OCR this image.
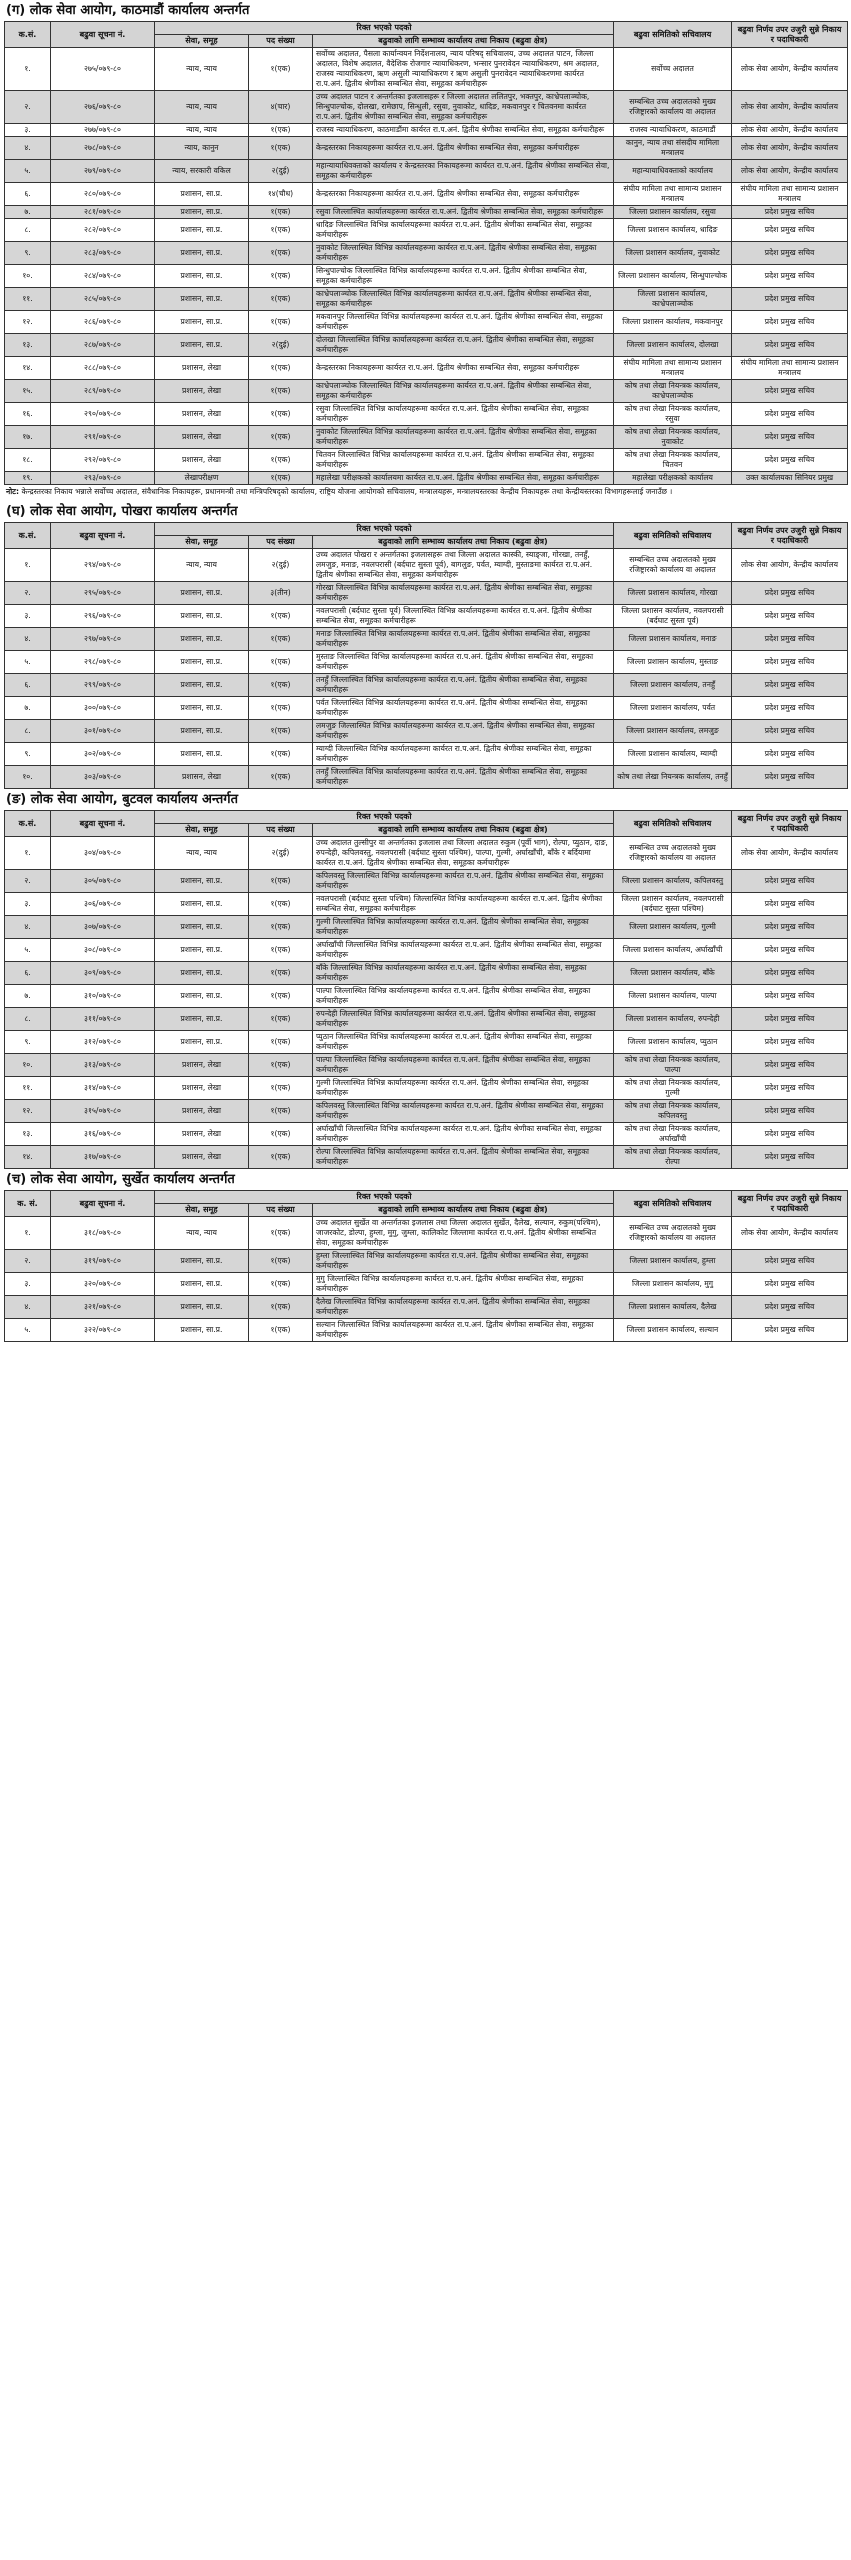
(ग) लोक सेवा आयोग, काठमाडौं कार्यालय अन्तर्गत
क.सं.	बढुवा सूचना नं.	रिक्त भएको पदको			बढुवा समितिको सचिवालय	बढुवा निर्णय उपर उजुरी सुन्ने निकाय र पदाधिकारी
		सेवा, समूह	पद संख्या	बढुवाको लागि सम्भाव्य कार्यालय तथा निकाय (बढुवा क्षेत्र)		
१.	२७५/०७९-८०	न्याय, न्याय	१(एक)	सर्वोच्च अदालत, पैसला कार्यान्वयन निर्देशनालय, न्याय परिषद् सचिवालय, उच्च अदालत पाटन, जिल्ला अदालत, विशेष अदालत, वैदेशिक रोजगार न्यायाधिकरण, भन्सार पुनरावेदन न्यायाधिकरण, श्रम अदालत, राजस्व न्यायाधिकरण, ऋण असुली न्यायाधिकरण र ऋण असुली पुनरावेदन न्यायाधिकरणमा कार्यरत रा.प.अनं. द्वितीय श्रेणीका सम्बन्धित सेवा, समूहका कर्मचारीहरू	सर्वोच्च अदालत	लोक सेवा आयोग, केन्द्रीय कार्यालय
२.	२७६/०७९-८०	न्याय, न्याय	४(चार)	उच्च अदालत पाटन र अन्तर्गतका इजलासहरू र जिल्ला अदालत ललितपुर, भक्तपुर, काभ्रेपलाञ्चोक, सिन्धुपाल्चोक, दोलखा, रामेछाप, सिन्धुली, रसुवा, नुवाकोट, धादिङ, मकवानपुर र चितवनमा कार्यरत रा.प.अनं. द्वितीय श्रेणीका सम्बन्धित सेवा, समूहका कर्मचारीहरू	सम्बन्धित उच्च अदालतको मुख्य रजिष्ट्रारको कार्यालय वा अदालत	लोक सेवा आयोग, केन्द्रीय कार्यालय
३.	२७७/०७९-८०	न्याय, न्याय	१(एक)	राजस्व न्यायाधिकरण, काठमाडौंमा कार्यरत रा.प.अनं. द्वितीय श्रेणीका सम्बन्धित सेवा, समूहका कर्मचारीहरू	राजस्व न्यायाधिकरण, काठमाडौं	लोक सेवा आयोग, केन्द्रीय कार्यालय
४.	२७८/०७९-८०	न्याय, कानुन	१(एक)	केन्द्रस्तरका निकायहरूमा कार्यरत रा.प.अनं. द्वितीय श्रेणीका सम्बन्धित सेवा, समूहका कर्मचारीहरू	कानुन, न्याय तथा संसदीय मामिला मन्त्रालय	लोक सेवा आयोग, केन्द्रीय कार्यालय
५.	२७९/०७९-८०	न्याय, सरकारी वकिल	२(दुई)	महान्यायाधिवक्ताको कार्यालय र केन्द्रस्तरका निकायहरूमा कार्यरत रा.प.अनं. द्वितीय श्रेणीका सम्बन्धित सेवा, समूहका कर्मचारीहरू	महान्यायाधिवक्ताको कार्यालय	लोक सेवा आयोग, केन्द्रीय कार्यालय
६.	२८०/०७९-८०	प्रशासन, सा.प्र.	१४(चौध)	केन्द्रस्तरका निकायहरूमा कार्यरत रा.प.अनं. द्वितीय श्रेणीका सम्बन्धित सेवा, समूहका कर्मचारीहरू	संघीय मामिला तथा सामान्य प्रशासन मन्त्रालय	संघीय मामिला तथा सामान्य प्रशासन मन्त्रालय
७.	२८१/०७९-८०	प्रशासन, सा.प्र.	१(एक)	रसुवा जिल्लास्थित कार्यालयहरूमा कार्यरत रा.प.अनं. द्वितीय श्रेणीका सम्बन्धित सेवा, समूहका कर्मचारीहरू	जिल्ला प्रशासन कार्यालय, रसुवा	प्रदेश प्रमुख सचिव
८.	२८२/०७९-८०	प्रशासन, सा.प्र.	१(एक)	धादिङ जिल्लास्थित विभिन्न कार्यालयहरूमा कार्यरत रा.प.अनं. द्वितीय श्रेणीका सम्बन्धित सेवा, समूहका कर्मचारीहरू	जिल्ला प्रशासन कार्यालय, धादिङ	प्रदेश प्रमुख सचिव
९.	२८३/०७९-८०	प्रशासन, सा.प्र.	१(एक)	नुवाकोट जिल्लास्थित विभिन्न कार्यालयहरूमा कार्यरत रा.प.अनं. द्वितीय श्रेणीका सम्बन्धित सेवा, समूहका कर्मचारीहरू	जिल्ला प्रशासन कार्यालय, नुवाकोट	प्रदेश प्रमुख सचिव
१०.	२८४/०७९-८०	प्रशासन, सा.प्र.	१(एक)	सिन्धुपाल्चोक जिल्लास्थित विभिन्न कार्यालयहरूमा कार्यरत रा.प.अनं. द्वितीय श्रेणीका सम्बन्धित सेवा, समूहका कर्मचारीहरू	जिल्ला प्रशासन कार्यालय, सिन्धुपाल्चोक	प्रदेश प्रमुख सचिव
११.	२८५/०७९-८०	प्रशासन, सा.प्र.	१(एक)	काभ्रेपलाञ्चोक जिल्लास्थित विभिन्न कार्यालयहरूमा कार्यरत रा.प.अनं. द्वितीय श्रेणीका सम्बन्धित सेवा, समूहका कर्मचारीहरू	जिल्ला प्रशासन कार्यालय, काभ्रेपलाञ्चोक	प्रदेश प्रमुख सचिव
१२.	२८६/०७९-८०	प्रशासन, सा.प्र.	१(एक)	मकवानपुर जिल्लास्थित विभिन्न कार्यालयहरूमा कार्यरत रा.प.अनं. द्वितीय श्रेणीका सम्बन्धित सेवा, समूहका कर्मचारीहरू	जिल्ला प्रशासन कार्यालय, मकवानपुर	प्रदेश प्रमुख सचिव
१३.	२८७/०७९-८०	प्रशासन, सा.प्र.	२(दुई)	दोलखा जिल्लास्थित विभिन्न कार्यालयहरूमा कार्यरत रा.प.अनं. द्वितीय श्रेणीका सम्बन्धित सेवा, समूहका कर्मचारीहरू	जिल्ला प्रशासन कार्यालय, दोलखा	प्रदेश प्रमुख सचिव
१४.	२८८/०७९-८०	प्रशासन, लेखा	१(एक)	केन्द्रस्तरका निकायहरूमा कार्यरत रा.प.अनं. द्वितीय श्रेणीका सम्बन्धित सेवा, समूहका कर्मचारीहरू	संघीय मामिला तथा सामान्य प्रशासन मन्त्रालय	संघीय मामिला तथा सामान्य प्रशासन मन्त्रालय
१५.	२८९/०७९-८०	प्रशासन, लेखा	१(एक)	काभ्रेपलाञ्चोक जिल्लास्थित विभिन्न कार्यालयहरूमा कार्यरत रा.प.अनं. द्वितीय श्रेणीका सम्बन्धित सेवा, समूहका कर्मचारीहरू	कोष तथा लेखा नियन्त्रक कार्यालय, काभ्रेपलाञ्चोक	प्रदेश प्रमुख सचिव
१६.	२९०/०७९-८०	प्रशासन, लेखा	१(एक)	रसुवा जिल्लास्थित विभिन्न कार्यालयहरूमा कार्यरत रा.प.अनं. द्वितीय श्रेणीका सम्बन्धित सेवा, समूहका कर्मचारीहरू	कोष तथा लेखा नियन्त्रक कार्यालय, रसुवा	प्रदेश प्रमुख सचिव
१७.	२९१/०७९-८०	प्रशासन, लेखा	१(एक)	नुवाकोट जिल्लास्थित विभिन्न कार्यालयहरूमा कार्यरत रा.प.अनं. द्वितीय श्रेणीका सम्बन्धित सेवा, समूहका कर्मचारीहरू	कोष तथा लेखा नियन्त्रक कार्यालय, नुवाकोट	प्रदेश प्रमुख सचिव
१८.	२९२/०७९-८०	प्रशासन, लेखा	१(एक)	चितवन जिल्लास्थित विभिन्न कार्यालयहरूमा कार्यरत रा.प.अनं. द्वितीय श्रेणीका सम्बन्धित सेवा, समूहका कर्मचारीहरू	कोष तथा लेखा नियन्त्रक कार्यालय, चितवन	प्रदेश प्रमुख सचिव
१९.	२९३/०७९-८०	लेखापरीक्षण	१(एक)	महालेखा परीक्षकको कार्यालयमा कार्यरत रा.प.अनं. द्वितीय श्रेणीका सम्बन्धित सेवा, समूहका कर्मचारीहरू	महालेखा परीक्षकको कार्यालय	उक्त कार्यालयका सिनियर प्रमुख
नोट: केन्द्रस्तरका निकाय भन्नाले सर्वोच्च अदालत, संवैधानिक निकायहरू, प्रधानमन्त्री तथा मन्त्रिपरिषद्को कार्यालय, राष्ट्रिय योजना आयोगको सचिवालय, मन्त्रालयहरू, मन्त्रालयस्तरका केन्द्रीय निकायहरू तथा केन्द्रीयस्तरका विभागहरूलाई जनाउँछ ।
(घ) लोक सेवा आयोग, पोखरा कार्यालय अन्तर्गत
क.सं.	बढुवा सूचना नं.	रिक्त भएको पदको			बढुवा समितिको सचिवालय	बढुवा निर्णय उपर उजुरी सुन्ने निकाय र पदाधिकारी
		सेवा, समूह	पद संख्या	बढुवाको लागि सम्भाव्य कार्यालय तथा निकाय (बढुवा क्षेत्र)		
१.	२९४/०७९-८०	न्याय, न्याय	२(दुई)	उच्च अदालत पोखरा र अन्तर्गतका इजलासहरू तथा जिल्ला अदालत कास्की, स्याङ्जा, गोरखा, तनहुँ, लमजुङ, मनाङ, नवलपरासी (बर्दघाट सुस्ता पूर्व), बागलुङ, पर्वत, म्याग्दी, मुस्ताङमा कार्यरत रा.प.अनं. द्वितीय श्रेणीका सम्बन्धित सेवा, समूहका कर्मचारीहरू	सम्बन्धित उच्च अदालतको मुख्य रजिष्ट्रारको कार्यालय वा अदालत	लोक सेवा आयोग, केन्द्रीय कार्यालय
२.	२९५/०७९-८०	प्रशासन, सा.प्र.	३(तीन)	गोरखा जिल्लास्थित विभिन्न कार्यालयहरूमा कार्यरत रा.प.अनं. द्वितीय श्रेणीका सम्बन्धित सेवा, समूहका कर्मचारीहरू	जिल्ला प्रशासन कार्यालय, गोरखा	प्रदेश प्रमुख सचिव
३.	२९६/०७९-८०	प्रशासन, सा.प्र.	१(एक)	नवलपरासी (बर्दघाट सुस्ता पूर्व) जिल्लास्थित विभिन्न कार्यालयहरूमा कार्यरत रा.प.अनं. द्वितीय श्रेणीका सम्बन्धित सेवा, समूहका कर्मचारीहरू	जिल्ला प्रशासन कार्यालय, नवलपरासी (बर्दघाट सुस्ता पूर्व)	प्रदेश प्रमुख सचिव
४.	२९७/०७९-८०	प्रशासन, सा.प्र.	१(एक)	मनाङ जिल्लास्थित विभिन्न कार्यालयहरूमा कार्यरत रा.प.अनं. द्वितीय श्रेणीका सम्बन्धित सेवा, समूहका कर्मचारीहरू	जिल्ला प्रशासन कार्यालय, मनाङ	प्रदेश प्रमुख सचिव
५.	२९८/०७९-८०	प्रशासन, सा.प्र.	१(एक)	मुस्ताङ जिल्लास्थित विभिन्न कार्यालयहरूमा कार्यरत रा.प.अनं. द्वितीय श्रेणीका सम्बन्धित सेवा, समूहका कर्मचारीहरू	जिल्ला प्रशासन कार्यालय, मुस्ताङ	प्रदेश प्रमुख सचिव
६.	२९९/०७९-८०	प्रशासन, सा.प्र.	१(एक)	तनहुँ जिल्लास्थित विभिन्न कार्यालयहरूमा कार्यरत रा.प.अनं. द्वितीय श्रेणीका सम्बन्धित सेवा, समूहका कर्मचारीहरू	जिल्ला प्रशासन कार्यालय, तनहुँ	प्रदेश प्रमुख सचिव
७.	३००/०७९-८०	प्रशासन, सा.प्र.	१(एक)	पर्वत जिल्लास्थित विभिन्न कार्यालयहरूमा कार्यरत रा.प.अनं. द्वितीय श्रेणीका सम्बन्धित सेवा, समूहका कर्मचारीहरू	जिल्ला प्रशासन कार्यालय, पर्वत	प्रदेश प्रमुख सचिव
८.	३०१/०७९-८०	प्रशासन, सा.प्र.	१(एक)	लमजुङ जिल्लास्थित विभिन्न कार्यालयहरूमा कार्यरत रा.प.अनं. द्वितीय श्रेणीका सम्बन्धित सेवा, समूहका कर्मचारीहरू	जिल्ला प्रशासन कार्यालय, लमजुङ	प्रदेश प्रमुख सचिव
९.	३०२/०७९-८०	प्रशासन, सा.प्र.	१(एक)	म्याग्दी जिल्लास्थित विभिन्न कार्यालयहरूमा कार्यरत रा.प.अनं. द्वितीय श्रेणीका सम्बन्धित सेवा, समूहका कर्मचारीहरू	जिल्ला प्रशासन कार्यालय, म्याग्दी	प्रदेश प्रमुख सचिव
१०.	३०३/०७९-८०	प्रशासन, लेखा	१(एक)	तनहुँ जिल्लास्थित विभिन्न कार्यालयहरूमा कार्यरत रा.प.अनं. द्वितीय श्रेणीका सम्बन्धित सेवा, समूहका कर्मचारीहरू	कोष तथा लेखा नियन्त्रक कार्यालय, तनहुँ	प्रदेश प्रमुख सचिव
(ङ) लोक सेवा आयोग, बुटवल कार्यालय अन्तर्गत
क.सं.	बढुवा सूचना नं.	रिक्त भएको पदको			बढुवा समितिको सचिवालय	बढुवा निर्णय उपर उजुरी सुन्ने निकाय र पदाधिकारी
		सेवा, समूह	पद संख्या	बढुवाको लागि सम्भाव्य कार्यालय तथा निकाय (बढुवा क्षेत्र)		
१.	३०४/०७९-८०	न्याय, न्याय	२(दुई)	उच्च अदालत तुल्सीपुर वा अन्तर्गतका इजलास तथा जिल्ला अदालत रुकुम (पूर्वी भाग), रोल्पा, प्युठान, दाङ, रुपन्देही, कपिलवस्तु, नवलपरासी (बर्दघाट सुस्ता पश्चिम), पाल्पा, गुल्मी, अर्घाखाँची, बाँके र बर्दियामा कार्यरत रा.प.अनं. द्वितीय श्रेणीका सम्बन्धित सेवा, समूहका कर्मचारीहरू	सम्बन्धित उच्च अदालतको मुख्य रजिष्ट्रारको कार्यालय वा अदालत	लोक सेवा आयोग, केन्द्रीय कार्यालय
२.	३०५/०७९-८०	प्रशासन, सा.प्र.	१(एक)	कपिलवस्तु जिल्लास्थित विभिन्न कार्यालयहरूमा कार्यरत रा.प.अनं. द्वितीय श्रेणीका सम्बन्धित सेवा, समूहका कर्मचारीहरू	जिल्ला प्रशासन कार्यालय, कपिलवस्तु	प्रदेश प्रमुख सचिव
३.	३०६/०७९-८०	प्रशासन, सा.प्र.	१(एक)	नवलपरासी (बर्दघाट सुस्ता पश्चिम) जिल्लास्थित विभिन्न कार्यालयहरूमा कार्यरत रा.प.अनं. द्वितीय श्रेणीका सम्बन्धित सेवा, समूहका कर्मचारीहरू	जिल्ला प्रशासन कार्यालय, नवलपरासी (बर्दघाट सुस्ता पश्चिम)	प्रदेश प्रमुख सचिव
४.	३०७/०७९-८०	प्रशासन, सा.प्र.	१(एक)	गुल्मी जिल्लास्थित विभिन्न कार्यालयहरूमा कार्यरत रा.प.अनं. द्वितीय श्रेणीका सम्बन्धित सेवा, समूहका कर्मचारीहरू	जिल्ला प्रशासन कार्यालय, गुल्मी	प्रदेश प्रमुख सचिव
५.	३०८/०७९-८०	प्रशासन, सा.प्र.	१(एक)	अर्घाखाँची जिल्लास्थित विभिन्न कार्यालयहरूमा कार्यरत रा.प.अनं. द्वितीय श्रेणीका सम्बन्धित सेवा, समूहका कर्मचारीहरू	जिल्ला प्रशासन कार्यालय, अर्घाखाँची	प्रदेश प्रमुख सचिव
६.	३०९/०७९-८०	प्रशासन, सा.प्र.	१(एक)	बाँके जिल्लास्थित विभिन्न कार्यालयहरूमा कार्यरत रा.प.अनं. द्वितीय श्रेणीका सम्बन्धित सेवा, समूहका कर्मचारीहरू	जिल्ला प्रशासन कार्यालय, बाँके	प्रदेश प्रमुख सचिव
७.	३१०/०७९-८०	प्रशासन, सा.प्र.	१(एक)	पाल्पा जिल्लास्थित विभिन्न कार्यालयहरूमा कार्यरत रा.प.अनं. द्वितीय श्रेणीका सम्बन्धित सेवा, समूहका कर्मचारीहरू	जिल्ला प्रशासन कार्यालय, पाल्पा	प्रदेश प्रमुख सचिव
८.	३११/०७९-८०	प्रशासन, सा.प्र.	१(एक)	रुपन्देही जिल्लास्थित विभिन्न कार्यालयहरूमा कार्यरत रा.प.अनं. द्वितीय श्रेणीका सम्बन्धित सेवा, समूहका कर्मचारीहरू	जिल्ला प्रशासन कार्यालय, रुपन्देही	प्रदेश प्रमुख सचिव
९.	३१२/०७९-८०	प्रशासन, सा.प्र.	१(एक)	प्युठान जिल्लास्थित विभिन्न कार्यालयहरूमा कार्यरत रा.प.अनं. द्वितीय श्रेणीका सम्बन्धित सेवा, समूहका कर्मचारीहरू	जिल्ला प्रशासन कार्यालय, प्युठान	प्रदेश प्रमुख सचिव
१०.	३१३/०७९-८०	प्रशासन, लेखा	१(एक)	पाल्पा जिल्लास्थित विभिन्न कार्यालयहरूमा कार्यरत रा.प.अनं. द्वितीय श्रेणीका सम्बन्धित सेवा, समूहका कर्मचारीहरू	कोष तथा लेखा नियन्त्रक कार्यालय, पाल्पा	प्रदेश प्रमुख सचिव
११.	३१४/०७९-८०	प्रशासन, लेखा	१(एक)	गुल्मी जिल्लास्थित विभिन्न कार्यालयहरूमा कार्यरत रा.प.अनं. द्वितीय श्रेणीका सम्बन्धित सेवा, समूहका कर्मचारीहरू	कोष तथा लेखा नियन्त्रक कार्यालय, गुल्मी	प्रदेश प्रमुख सचिव
१२.	३१५/०७९-८०	प्रशासन, लेखा	१(एक)	कपिलवस्तु जिल्लास्थित विभिन्न कार्यालयहरूमा कार्यरत रा.प.अनं. द्वितीय श्रेणीका सम्बन्धित सेवा, समूहका कर्मचारीहरू	कोष तथा लेखा नियन्त्रक कार्यालय, कपिलवस्तु	प्रदेश प्रमुख सचिव
१३.	३१६/०७९-८०	प्रशासन, लेखा	१(एक)	अर्घाखाँची जिल्लास्थित विभिन्न कार्यालयहरूमा कार्यरत रा.प.अनं. द्वितीय श्रेणीका सम्बन्धित सेवा, समूहका कर्मचारीहरू	कोष तथा लेखा नियन्त्रक कार्यालय, अर्घाखाँची	प्रदेश प्रमुख सचिव
१४.	३१७/०७९-८०	प्रशासन, लेखा	१(एक)	रोल्पा जिल्लास्थित विभिन्न कार्यालयहरूमा कार्यरत रा.प.अनं. द्वितीय श्रेणीका सम्बन्धित सेवा, समूहका कर्मचारीहरू	कोष तथा लेखा नियन्त्रक कार्यालय, रोल्पा	प्रदेश प्रमुख सचिव
(च) लोक सेवा आयोग, सुर्खेत कार्यालय अन्तर्गत
क. सं.	बढुवा सूचना नं.	रिक्त भएको पदको			बढुवा समितिको सचिवालय	बढुवा निर्णय उपर उजुरी सुन्ने निकाय र पदाधिकारी
		सेवा, समूह	पद संख्या	बढुवाको लागि सम्भाव्य कार्यालय तथा निकाय (बढुवा क्षेत्र)		
१.	३१८/०७९-८०	न्याय, न्याय	१(एक)	उच्च अदालत सुर्खेत वा अन्तर्गतका इजलास तथा जिल्ला अदालत सुर्खेत, दैलेख, सल्यान, रुकुम(पश्चिम), जाजरकोट, डोल्पा, हुम्ला, मुगु, जुम्ला, कालिकोट जिल्लामा कार्यरत रा.प.अनं. द्वितीय श्रेणीका सम्बन्धित सेवा, समूहका कर्मचारीहरू	सम्बन्धित उच्च अदालतको मुख्य रजिष्ट्रारको कार्यालय वा अदालत	लोक सेवा आयोग, केन्द्रीय कार्यालय
२.	३१९/०७९-८०	प्रशासन, सा.प्र.	१(एक)	हुम्ला जिल्लास्थित विभिन्न कार्यालयहरूमा कार्यरत रा.प.अनं. द्वितीय श्रेणीका सम्बन्धित सेवा, समूहका कर्मचारीहरू	जिल्ला प्रशासन कार्यालय, हुम्ला	प्रदेश प्रमुख सचिव
३.	३२०/०७९-८०	प्रशासन, सा.प्र.	१(एक)	मुगु जिल्लास्थित विभिन्न कार्यालयहरूमा कार्यरत रा.प.अनं. द्वितीय श्रेणीका सम्बन्धित सेवा, समूहका कर्मचारीहरू	जिल्ला प्रशासन कार्यालय, मुगु	प्रदेश प्रमुख सचिव
४.	३२१/०७९-८०	प्रशासन, सा.प्र.	१(एक)	दैलेख जिल्लास्थित विभिन्न कार्यालयहरूमा कार्यरत रा.प.अनं. द्वितीय श्रेणीका सम्बन्धित सेवा, समूहका कर्मचारीहरू	जिल्ला प्रशासन कार्यालय, दैलेख	प्रदेश प्रमुख सचिव
५.	३२२/०७९-८०	प्रशासन, सा.प्र.	१(एक)	सल्यान जिल्लास्थित विभिन्न कार्यालयहरूमा कार्यरत रा.प.अनं. द्वितीय श्रेणीका सम्बन्धित सेवा, समूहका कर्मचारीहरू	जिल्ला प्रशासन कार्यालय, सल्यान	प्रदेश प्रमुख सचिव
